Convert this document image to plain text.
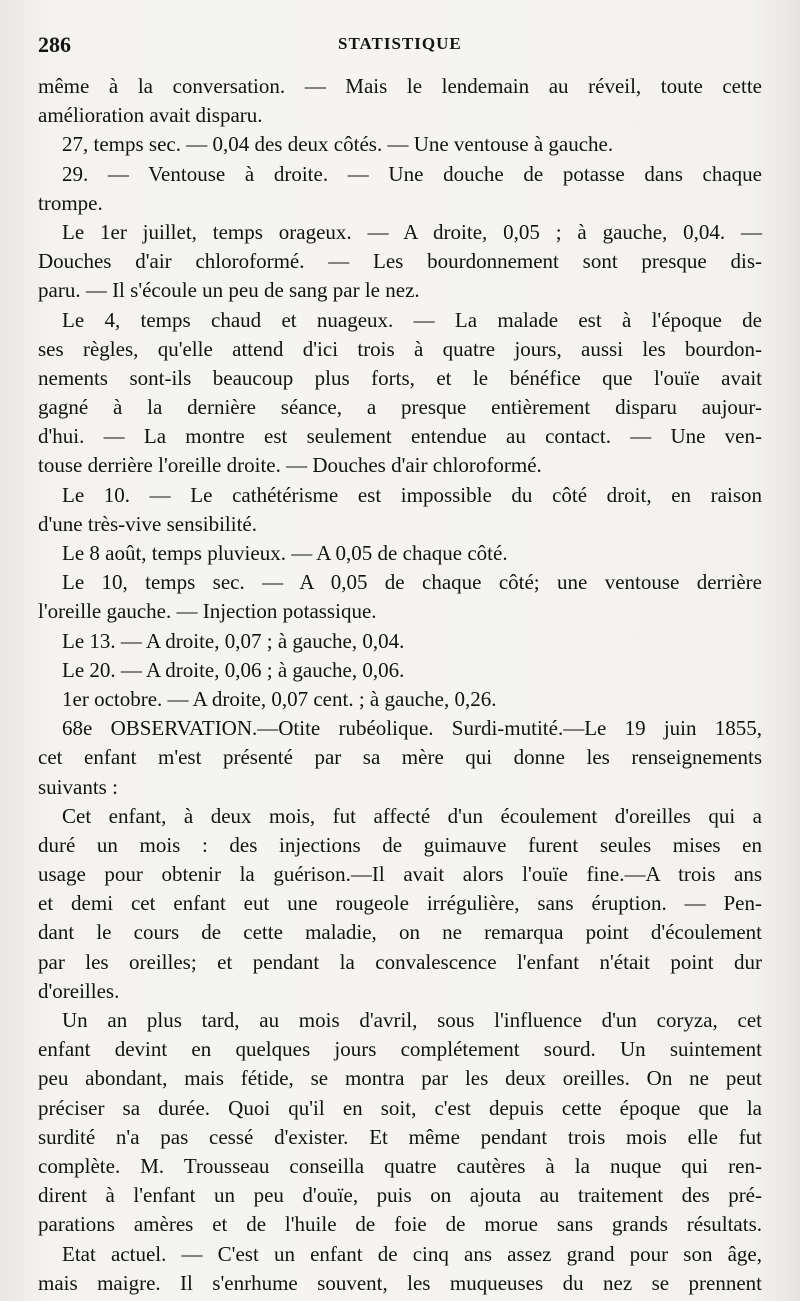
286	STATISTIQUE
même à la conversation. — Mais le lendemain au réveil, toute cette
amélioration avait disparu.
27, temps sec. — 0,04 des deux côtés. — Une ventouse à gauche.
29. — Ventouse à droite. — Une douche de potasse dans chaque
trompe.
Le 1er juillet, temps orageux. — A droite, 0,05 ; à gauche, 0,04. —
Douches d'air chloroformé. — Les bourdonnement sont presque dis-
paru. — Il s'écoule un peu de sang par le nez.
Le 4, temps chaud et nuageux. — La malade est à l'époque de
ses règles, qu'elle attend d'ici trois à quatre jours, aussi les bourdon-
nements sont-ils beaucoup plus forts, et le bénéfice que l'ouïe avait
gagné à la dernière séance, a presque entièrement disparu aujour-
d'hui. — La montre est seulement entendue au contact. — Une ven-
touse derrière l'oreille droite. — Douches d'air chloroformé.
Le 10. — Le cathétérisme est impossible du côté droit, en raison
d'une très-vive sensibilité.
Le 8 août, temps pluvieux. — A 0,05 de chaque côté.
Le 10, temps sec. — A 0,05 de chaque côté; une ventouse derrière
l'oreille gauche. — Injection potassique.
Le 13. — A droite, 0,07 ; à gauche, 0,04.
Le 20. — A droite, 0,06 ; à gauche, 0,06.
1er octobre. — A droite, 0,07 cent. ; à gauche, 0,26.
68e OBSERVATION.—Otite rubéolique. Surdi-mutité.—Le 19 juin 1855,
cet enfant m'est présenté par sa mère qui donne les renseignements
suivants :
Cet enfant, à deux mois, fut affecté d'un écoulement d'oreilles qui a
duré un mois : des injections de guimauve furent seules mises en
usage pour obtenir la guérison.—Il avait alors l'ouïe fine.—A trois ans
et demi cet enfant eut une rougeole irrégulière, sans éruption. — Pen-
dant le cours de cette maladie, on ne remarqua point d'écoulement
par les oreilles; et pendant la convalescence l'enfant n'était point dur
d'oreilles.
Un an plus tard, au mois d'avril, sous l'influence d'un coryza, cet
enfant devint en quelques jours complétement sourd. Un suintement
peu abondant, mais fétide, se montra par les deux oreilles. On ne peut
préciser sa durée. Quoi qu'il en soit, c'est depuis cette époque que la
surdité n'a pas cessé d'exister. Et même pendant trois mois elle fut
complète. M. Trousseau conseilla quatre cautères à la nuque qui ren-
dirent à l'enfant un peu d'ouïe, puis on ajouta au traitement des pré-
parations amères et de l'huile de foie de morue sans grands résultats.
Etat actuel. — C'est un enfant de cinq ans assez grand pour son âge,
mais maigre. Il s'enrhume souvent, les muqueuses du nez se prennent
